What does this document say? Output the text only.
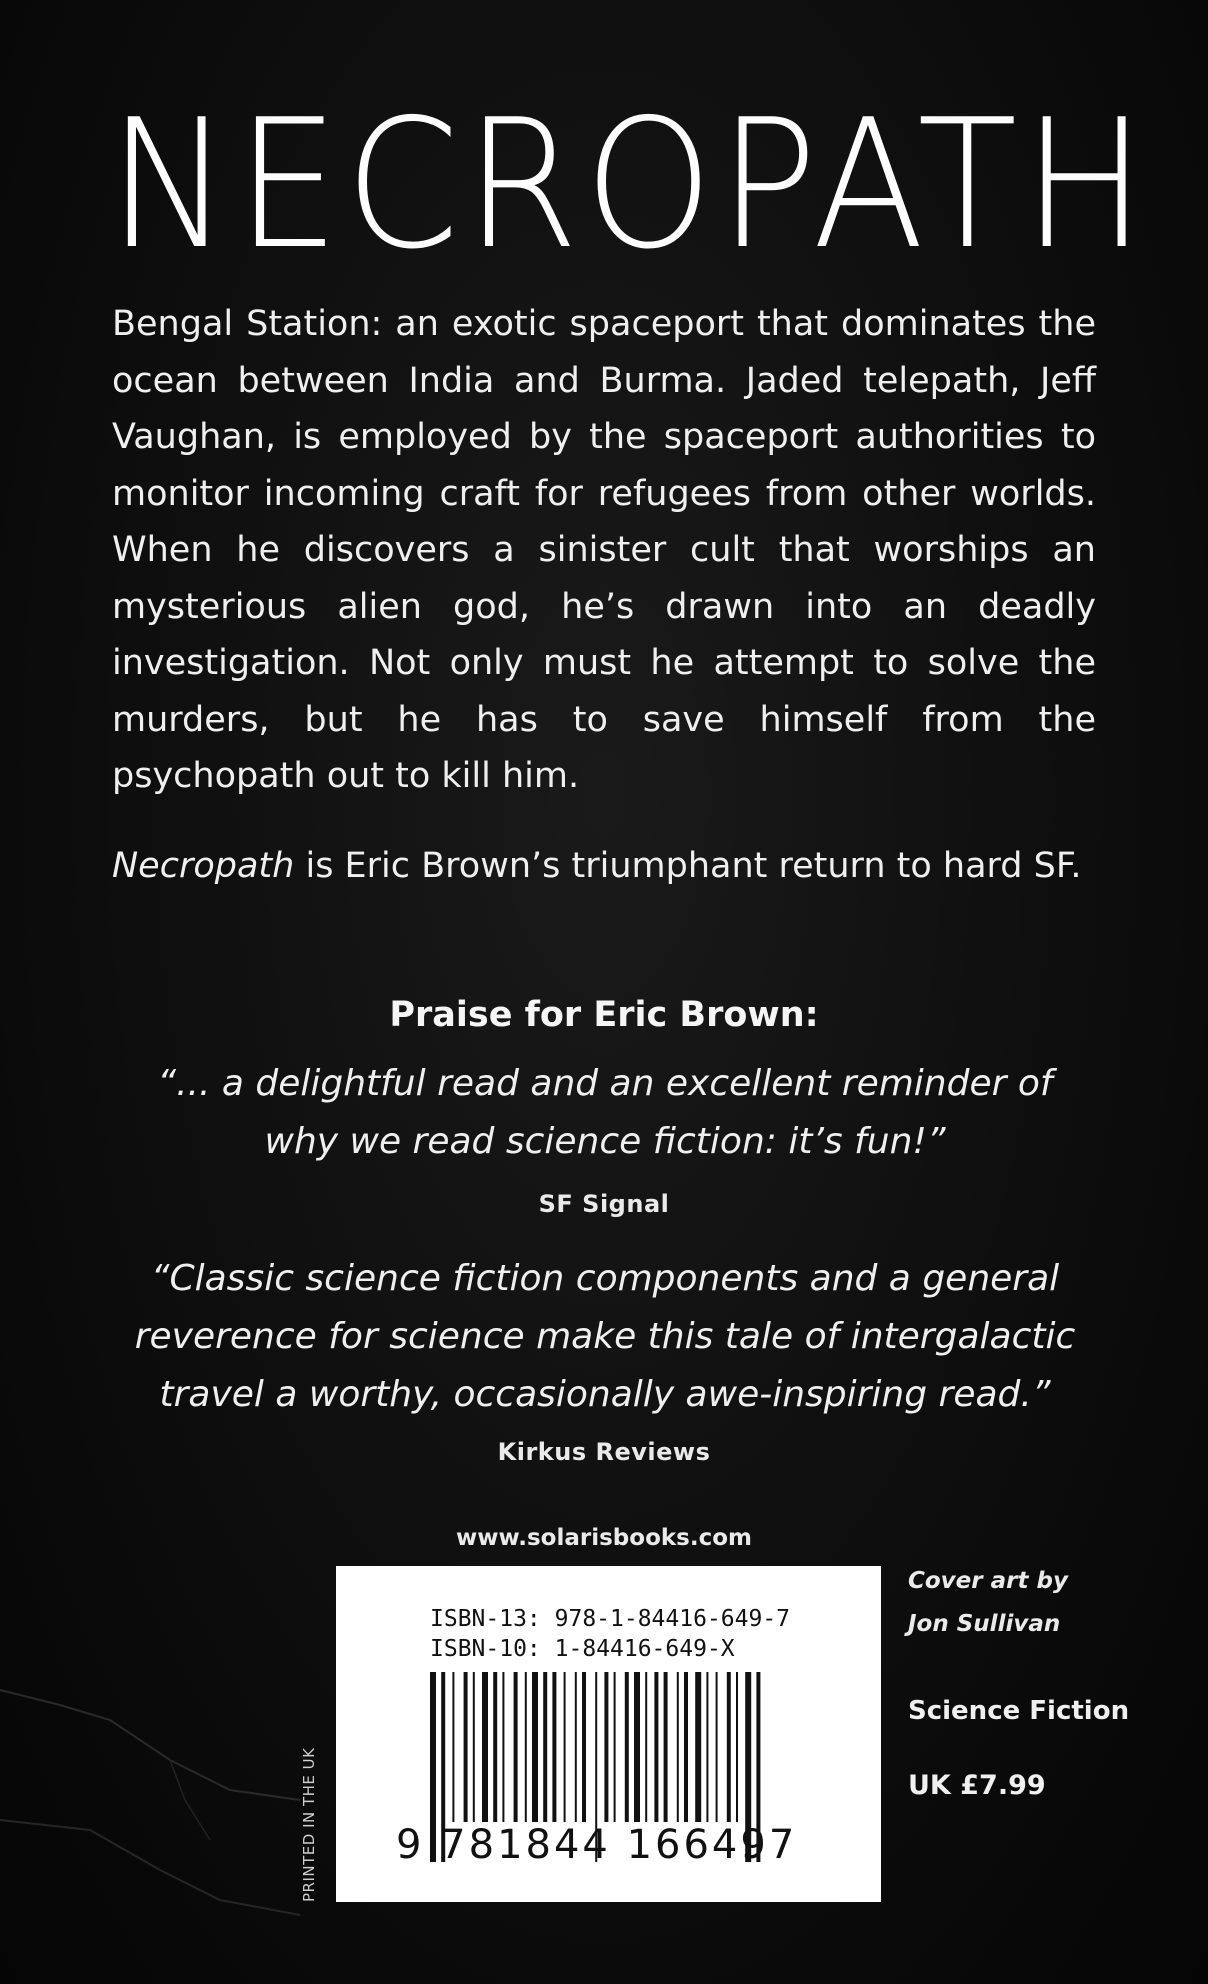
NECROPATH

Bengal Station: an exotic spaceport that dominates the ocean between India and Burma. Jaded telepath, Jeff Vaughan, is employed by the spaceport authorities to monitor incoming craft for refugees from other worlds. When he discovers a sinister cult that worships an mysterious alien god, he’s drawn into an deadly investigation. Not only must he attempt to solve the murders, but he has to save himself from the psychopath out to kill him.

Necropath is Eric Brown’s triumphant return to hard SF.

Praise for Eric Brown:

“... a delightful read and an excellent reminder of why we read science fiction: it’s fun!”

SF Signal

“Classic science fiction components and a general reverence for science make this tale of intergalactic travel a worthy, occasionally awe-inspiring read.”

Kirkus Reviews

www.solarisbooks.com

ISBN-13: 978-1-84416-649-7
ISBN-10: 1-84416-649-X
9 781844 166497
PRINTED IN THE UK

Cover art by

Jon Sullivan

Science Fiction

UK £7.99
